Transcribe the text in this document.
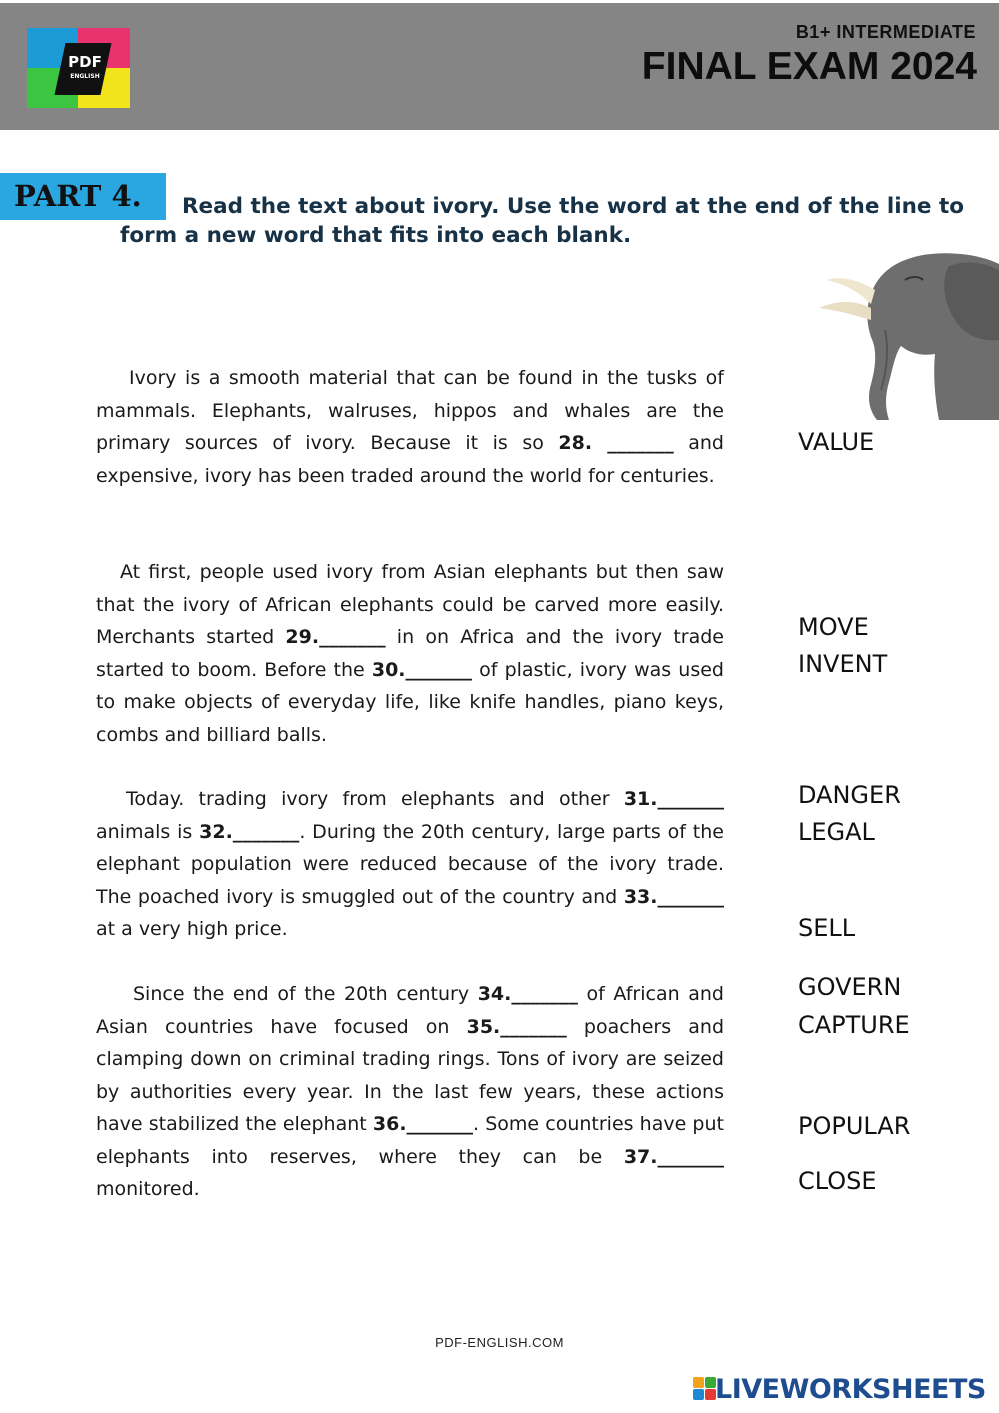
PDF
ENGLISH
B1+ INTERMEDIATE
FINAL EXAM 2024
PART 4.	Read the text about ivory. Use the word at the end of the line to form a new word that fits into each blank.
Ivory is a smooth material that can be found in the tusks of mammals. Elephants, walruses, hippos and whales are the primary sources of ivory. Because it is so 28. _______ and expensive, ivory has been traded around the world for centuries.
At first, people used ivory from Asian elephants but then saw that the ivory of African elephants could be carved more easily. Merchants started 29._______ in on Africa and the ivory trade started to boom. Before the 30._______ of plastic, ivory was used to make objects of everyday life, like knife handles, piano keys, combs and billiard balls.
Today. trading ivory from elephants and other 31._______ animals is 32._______. During the 20th century, large parts of the elephant population were reduced because of the ivory trade. The poached ivory is smuggled out of the country and 33._______ at a very high price.
Since the end of the 20th century 34._______ of African and Asian countries have focused on 35._______ poachers and clamping down on criminal trading rings. Tons of ivory are seized by authorities every year. In the last few years, these actions have stabilized the elephant 36._______. Some countries have put elephants into reserves, where they can be 37._______ monitored.
VALUE
MOVE
INVENT
DANGER
LEGAL
SELL
GOVERN
CAPTURE
POPULAR
CLOSE
PDF-ENGLISH.COM
LIVEWORKSHEETS
